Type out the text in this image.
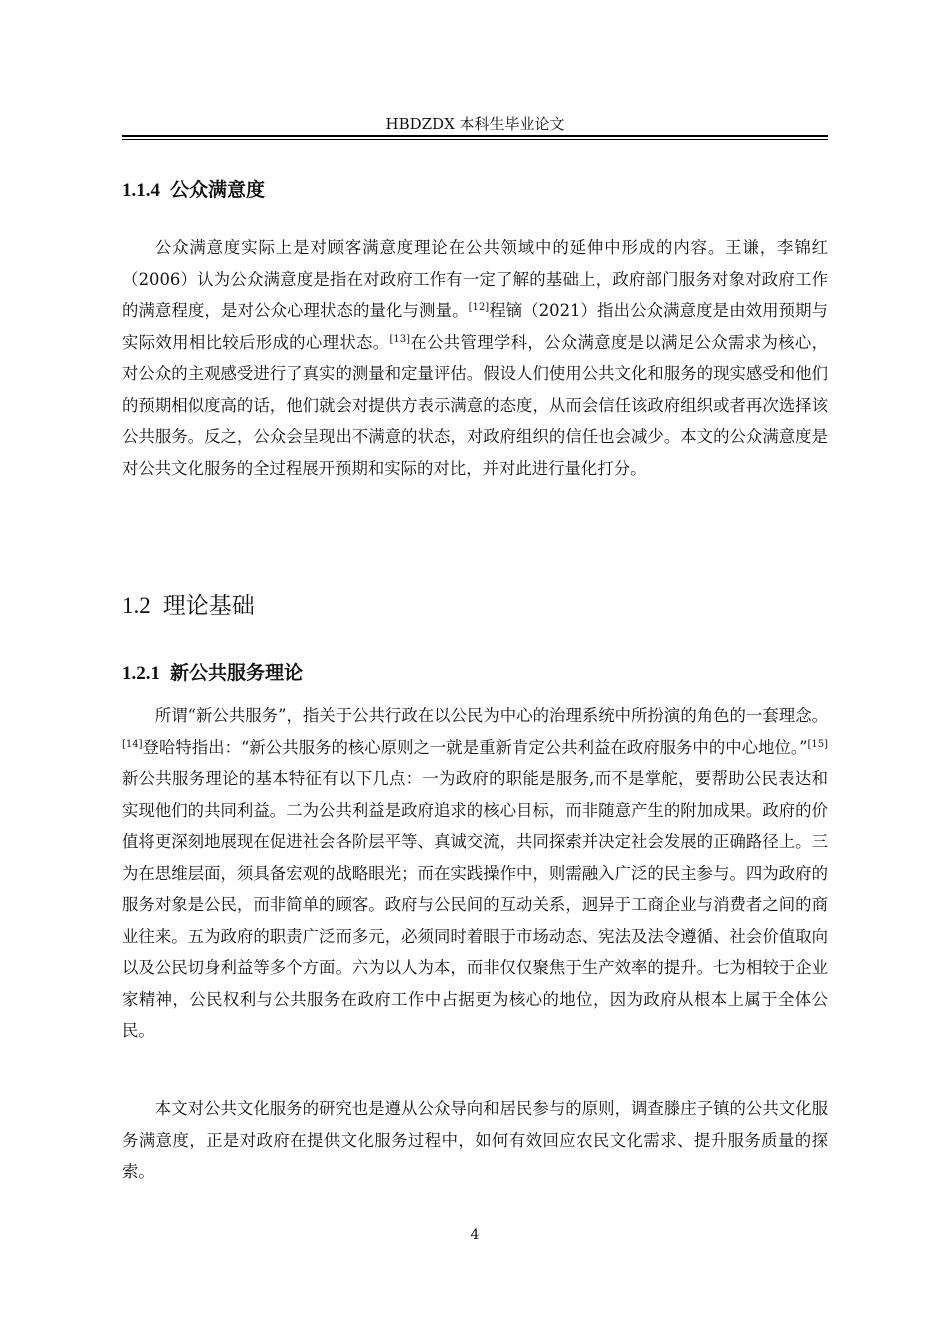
HBDZDX 本科生毕业论文
1.1.4 公众满意度

公众满意度实际上是对顾客满意度理论在公共领域中的延伸中形成的内容。王谦，李锦红（2006）认为公众满意度是指在对政府工作有一定了解的基础上，政府部门服务对象对政府工作的满意程度，是对公众心理状态的量化与测量。[12]程镝（2021）指出公众满意度是由效用预期与实际效用相比较后形成的心理状态。[13]在公共管理学科，公众满意度是以满足公众需求为核心，对公众的主观感受进行了真实的测量和定量评估。假设人们使用公共文化和服务的现实感受和他们的预期相似度高的话，他们就会对提供方表示满意的态度，从而会信任该政府组织或者再次选择该公共服务。反之，公众会呈现出不满意的状态，对政府组织的信任也会减少。本文的公众满意度是对公共文化服务的全过程展开预期和实际的对比，并对此进行量化打分。

1.2 理论基础
1.2.1 新公共服务理论

所谓“新公共服务”，指关于公共行政在以公民为中心的治理系统中所扮演的角色的一套理念。[14]登哈特指出：“新公共服务的核心原则之一就是重新肯定公共利益在政府服务中的中心地位。”[15]新公共服务理论的基本特征有以下几点：一为政府的职能是服务,而不是掌舵，要帮助公民表达和实现他们的共同利益。二为公共利益是政府追求的核心目标，而非随意产生的附加成果。政府的价值将更深刻地展现在促进社会各阶层平等、真诚交流，共同探索并决定社会发展的正确路径上。三为在思维层面，须具备宏观的战略眼光；而在实践操作中，则需融入广泛的民主参与。四为政府的服务对象是公民，而非简单的顾客。政府与公民间的互动关系，迥异于工商企业与消费者之间的商业往来。五为政府的职责广泛而多元，必须同时着眼于市场动态、宪法及法令遵循、社会价值取向以及公民切身利益等多个方面。六为以人为本，而非仅仅聚焦于生产效率的提升。七为相较于企业家精神，公民权利与公共服务在政府工作中占据更为核心的地位，因为政府从根本上属于全体公民。

本文对公共文化服务的研究也是遵从公众导向和居民参与的原则，调查滕庄子镇的公共文化服务满意度，正是对政府在提供文化服务过程中，如何有效回应农民文化需求、提升服务质量的探索。

4
